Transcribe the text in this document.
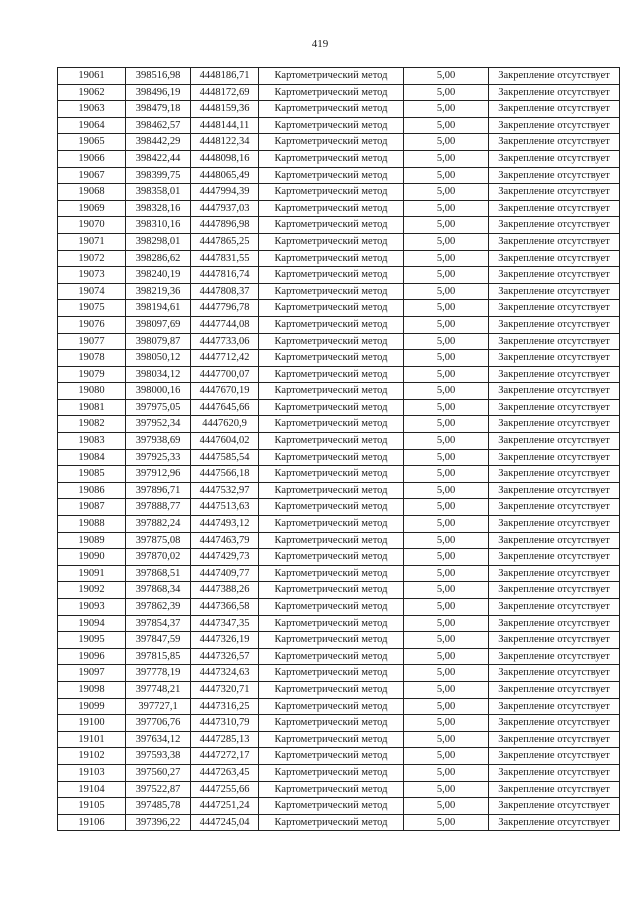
419
19061	398516,98	4448186,71	Картометрический метод	5,00	Закрепление отсутствует
19062	398496,19	4448172,69	Картометрический метод	5,00	Закрепление отсутствует
19063	398479,18	4448159,36	Картометрический метод	5,00	Закрепление отсутствует
19064	398462,57	4448144,11	Картометрический метод	5,00	Закрепление отсутствует
19065	398442,29	4448122,34	Картометрический метод	5,00	Закрепление отсутствует
19066	398422,44	4448098,16	Картометрический метод	5,00	Закрепление отсутствует
19067	398399,75	4448065,49	Картометрический метод	5,00	Закрепление отсутствует
19068	398358,01	4447994,39	Картометрический метод	5,00	Закрепление отсутствует
19069	398328,16	4447937,03	Картометрический метод	5,00	Закрепление отсутствует
19070	398310,16	4447896,98	Картометрический метод	5,00	Закрепление отсутствует
19071	398298,01	4447865,25	Картометрический метод	5,00	Закрепление отсутствует
19072	398286,62	4447831,55	Картометрический метод	5,00	Закрепление отсутствует
19073	398240,19	4447816,74	Картометрический метод	5,00	Закрепление отсутствует
19074	398219,36	4447808,37	Картометрический метод	5,00	Закрепление отсутствует
19075	398194,61	4447796,78	Картометрический метод	5,00	Закрепление отсутствует
19076	398097,69	4447744,08	Картометрический метод	5,00	Закрепление отсутствует
19077	398079,87	4447733,06	Картометрический метод	5,00	Закрепление отсутствует
19078	398050,12	4447712,42	Картометрический метод	5,00	Закрепление отсутствует
19079	398034,12	4447700,07	Картометрический метод	5,00	Закрепление отсутствует
19080	398000,16	4447670,19	Картометрический метод	5,00	Закрепление отсутствует
19081	397975,05	4447645,66	Картометрический метод	5,00	Закрепление отсутствует
19082	397952,34	4447620,9	Картометрический метод	5,00	Закрепление отсутствует
19083	397938,69	4447604,02	Картометрический метод	5,00	Закрепление отсутствует
19084	397925,33	4447585,54	Картометрический метод	5,00	Закрепление отсутствует
19085	397912,96	4447566,18	Картометрический метод	5,00	Закрепление отсутствует
19086	397896,71	4447532,97	Картометрический метод	5,00	Закрепление отсутствует
19087	397888,77	4447513,63	Картометрический метод	5,00	Закрепление отсутствует
19088	397882,24	4447493,12	Картометрический метод	5,00	Закрепление отсутствует
19089	397875,08	4447463,79	Картометрический метод	5,00	Закрепление отсутствует
19090	397870,02	4447429,73	Картометрический метод	5,00	Закрепление отсутствует
19091	397868,51	4447409,77	Картометрический метод	5,00	Закрепление отсутствует
19092	397868,34	4447388,26	Картометрический метод	5,00	Закрепление отсутствует
19093	397862,39	4447366,58	Картометрический метод	5,00	Закрепление отсутствует
19094	397854,37	4447347,35	Картометрический метод	5,00	Закрепление отсутствует
19095	397847,59	4447326,19	Картометрический метод	5,00	Закрепление отсутствует
19096	397815,85	4447326,57	Картометрический метод	5,00	Закрепление отсутствует
19097	397778,19	4447324,63	Картометрический метод	5,00	Закрепление отсутствует
19098	397748,21	4447320,71	Картометрический метод	5,00	Закрепление отсутствует
19099	397727,1	4447316,25	Картометрический метод	5,00	Закрепление отсутствует
19100	397706,76	4447310,79	Картометрический метод	5,00	Закрепление отсутствует
19101	397634,12	4447285,13	Картометрический метод	5,00	Закрепление отсутствует
19102	397593,38	4447272,17	Картометрический метод	5,00	Закрепление отсутствует
19103	397560,27	4447263,45	Картометрический метод	5,00	Закрепление отсутствует
19104	397522,87	4447255,66	Картометрический метод	5,00	Закрепление отсутствует
19105	397485,78	4447251,24	Картометрический метод	5,00	Закрепление отсутствует
19106	397396,22	4447245,04	Картометрический метод	5,00	Закрепление отсутствует
